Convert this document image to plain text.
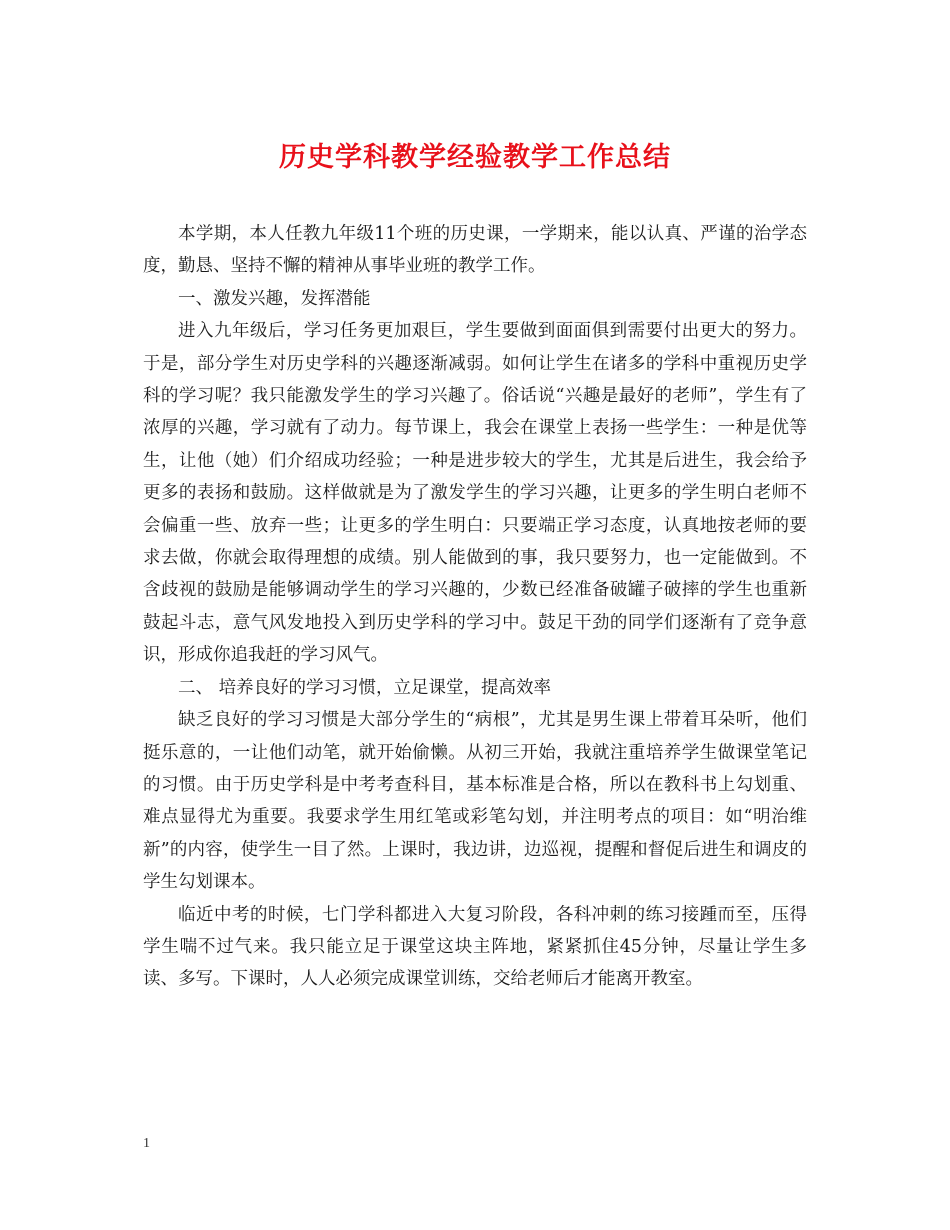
历史学科教学经验教学工作总结

本学期，本人任教九年级11个班的历史课，一学期来，能以认真、严谨的治学态度，勤恳、坚持不懈的精神从事毕业班的教学工作。

一、激发兴趣，发挥潜能

进入九年级后，学习任务更加艰巨，学生要做到面面俱到需要付出更大的努力。于是，部分学生对历史学科的兴趣逐渐减弱。如何让学生在诸多的学科中重视历史学科的学习呢？我只能激发学生的学习兴趣了。俗话说“兴趣是最好的老师”，学生有了浓厚的兴趣，学习就有了动力。每节课上，我会在课堂上表扬一些学生：一种是优等生，让他（她）们介绍成功经验；一种是进步较大的学生，尤其是后进生，我会给予更多的表扬和鼓励。这样做就是为了激发学生的学习兴趣，让更多的学生明白老师不会偏重一些、放弃一些；让更多的学生明白：只要端正学习态度，认真地按老师的要求去做，你就会取得理想的成绩。别人能做到的事，我只要努力，也一定能做到。不含歧视的鼓励是能够调动学生的学习兴趣的，少数已经准备破罐子破摔的学生也重新鼓起斗志，意气风发地投入到历史学科的学习中。鼓足干劲的同学们逐渐有了竞争意识，形成你追我赶的学习风气。

二、 培养良好的学习习惯，立足课堂，提高效率

缺乏良好的学习习惯是大部分学生的“病根”，尤其是男生课上带着耳朵听，他们挺乐意的，一让他们动笔，就开始偷懒。从初三开始，我就注重培养学生做课堂笔记的习惯。由于历史学科是中考考查科目，基本标准是合格，所以在教科书上勾划重、难点显得尤为重要。我要求学生用红笔或彩笔勾划，并注明考点的项目：如“明治维新”的内容，使学生一目了然。上课时，我边讲，边巡视，提醒和督促后进生和调皮的学生勾划课本。

临近中考的时候，七门学科都进入大复习阶段，各科冲刺的练习接踵而至，压得学生喘不过气来。我只能立足于课堂这块主阵地，紧紧抓住45分钟，尽量让学生多读、多写。下课时，人人必须完成课堂训练，交给老师后才能离开教室。

1
